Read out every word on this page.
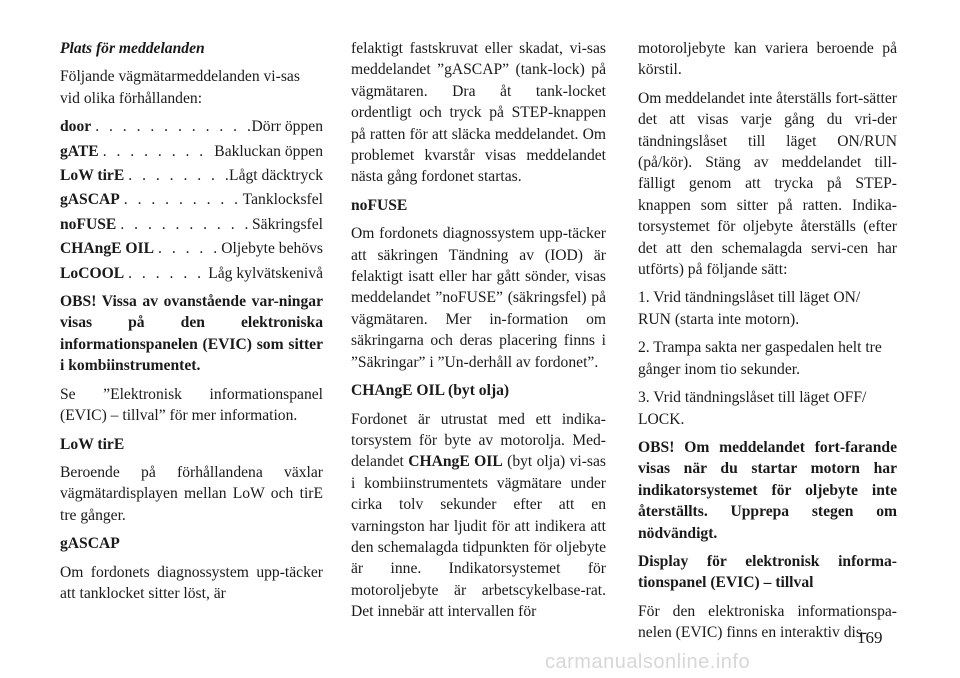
Plats för meddelanden

Följande vägmätarmeddelanden vi-sas vid olika förhållanden:

door . . .	Dörr öppen
gATE . . .	Bakluckan öppen
LoW tirE . . .	Lågt däcktryck
gASCAP . . .	Tanklocksfel
noFUSE . . .	Säkringsfel
CHAngE OIL . . .	Oljebyte behövs
LoCOOL . . .	Låg kylvätskenivå

OBS! Vissa av ovanstående var-ningar visas på den elektroniska informationspanelen (EVIC) som sitter i kombiinstrumentet.

Se ”Elektronisk informationspanel (EVIC) – tillval” för mer information.

LoW tirE

Beroende på förhållandena växlar vägmätardisplayen mellan LoW och tirE tre gånger.

gASCAP

Om fordonets diagnossystem upp-täcker att tanklocket sitter löst, är

felaktigt fastskruvat eller skadat, vi-sas meddelandet ”gASCAP” (tank-lock) på vägmätaren. Dra åt tank-locket ordentligt och tryck på STEP-knappen på ratten för att släcka meddelandet. Om problemet kvarstår visas meddelandet nästa gång fordonet startas.

noFUSE

Om fordonets diagnossystem upp-täcker att säkringen Tändning av (IOD) är felaktigt isatt eller har gått sönder, visas meddelandet ”noFUSE” (säkringsfel) på vägmätaren. Mer in-formation om säkringarna och deras placering finns i ”Säkringar” i ”Un-derhåll av fordonet”.

CHAngE OIL (byt olja)

Fordonet är utrustat med ett indika-torsystem för byte av motorolja. Med-delandet CHAngE OIL (byt olja) vi-sas i kombiinstrumentets vägmätare under cirka tolv sekunder efter att en varningston har ljudit för att indikera att den schemalagda tidpunkten för oljebyte är inne. Indikatorsystemet för motoroljebyte är arbetscykelbase-rat. Det innebär att intervallen för

motoroljebyte kan variera beroende på körstil.

Om meddelandet inte återställs fort-sätter det att visas varje gång du vri-der tändningslåset till läget ON/RUN (på/kör). Stäng av meddelandet till-fälligt genom att trycka på STEP-knappen som sitter på ratten. Indika-torsystemet för oljebyte återställs (efter det att den schemalagda servi-cen har utförts) på följande sätt:

1. Vrid tändningslåset till läget ON/ RUN (starta inte motorn).

2. Trampa sakta ner gaspedalen helt tre gånger inom tio sekunder.

3. Vrid tändningslåset till läget OFF/ LOCK.

OBS! Om meddelandet fort-farande visas när du startar motorn har indikatorsystemet för oljebyte inte återställts. Upprepa stegen om nödvändigt.

Display för elektronisk informa-tionspanel (EVIC) – tillval

För den elektroniska informationspa-nelen (EVIC) finns en interaktiv dis-

169
carmanualsonline.info
